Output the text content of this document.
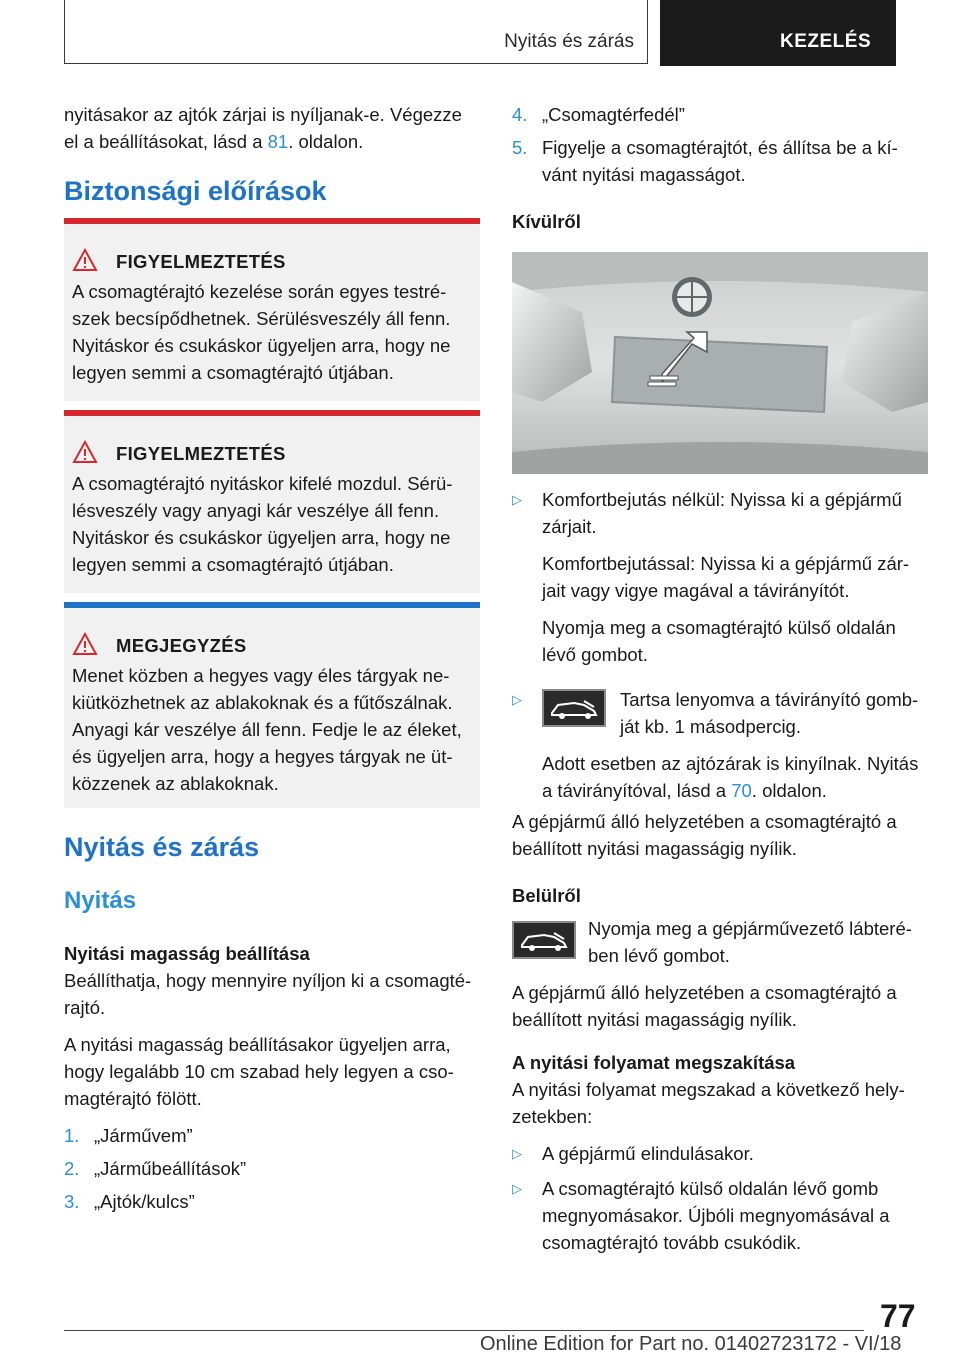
Nyitás és zárás	KEZELÉS

nyitásakor az ajtók zárjai is nyíljanak-e. Végezze el a beállításokat, lásd a 81. oldalon.

Biztonsági előírások
FIGYELMEZTETÉS

A csomagtérajtó kezelése során egyes testré-

szek becsípődhetnek. Sérülésveszély áll fenn.

Nyitáskor és csukáskor ügyeljen arra, hogy ne

legyen semmi a csomagtérajtó útjában.

FIGYELMEZTETÉS

A csomagtérajtó nyitáskor kifelé mozdul. Sérü-

lésveszély vagy anyagi kár veszélye áll fenn.

Nyitáskor és csukáskor ügyeljen arra, hogy ne

legyen semmi a csomagtérajtó útjában.

MEGJEGYZÉS

Menet közben a hegyes vagy éles tárgyak ne-

kiütközhetnek az ablakoknak és a fűtőszálnak.

Anyagi kár veszélye áll fenn. Fedje le az éleket,

és ügyeljen arra, hogy a hegyes tárgyak ne üt-

közzenek az ablakoknak.

Nyitás és zárás
Nyitás
Nyitási magasság beállítása

Beállíthatja, hogy mennyire nyíljon ki a csomagté-
rajtó.

A nyitási magasság beállításakor ügyeljen arra,
hogy legalább 10 cm szabad hely legyen a cso-
magtérajtó fölött.

1. „Járművem”
2. „Járműbeállítások”
3. „Ajtók/kulcs”
4. „Csomagtérfedél”
5. Figyelje a csomagtérajtót, és állítsa be a kí-
vánt nyitási magasságot.
Kívülről
▷ Komfortbejutás nélkül: Nyissa ki a gépjármű
zárjait.

Komfortbejutással: Nyissa ki a gépjármű zár-
jait vagy vigye magával a távirányítót.

Nyomja meg a csomagtérajtó külső oldalán
lévő gombot.

▷	Tartsa lenyomva a távirányító gomb-
ját kb. 1 másodpercig.

Adott esetben az ajtózárak is kinyílnak. Nyitás
a távirányítóval, lásd a 70. oldalon.

A gépjármű álló helyzetében a csomagtérajtó a
beállított nyitási magasságig nyílik.

Belülről

Nyomja meg a gépjárművezető lábteré-
ben lévő gombot.

A gépjármű álló helyzetében a csomagtérajtó a
beállított nyitási magasságig nyílik.

A nyitási folyamat megszakítása

A nyitási folyamat megszakad a következő hely-
zetekben:

▷ A gépjármű elindulásakor.

▷ A csomagtérajtó külső oldalán lévő gomb
megnyomásakor. Újbóli megnyomásával a
csomagtérajtó tovább csukódik.

77
Online Edition for Part no. 01402723172 - VI/18
